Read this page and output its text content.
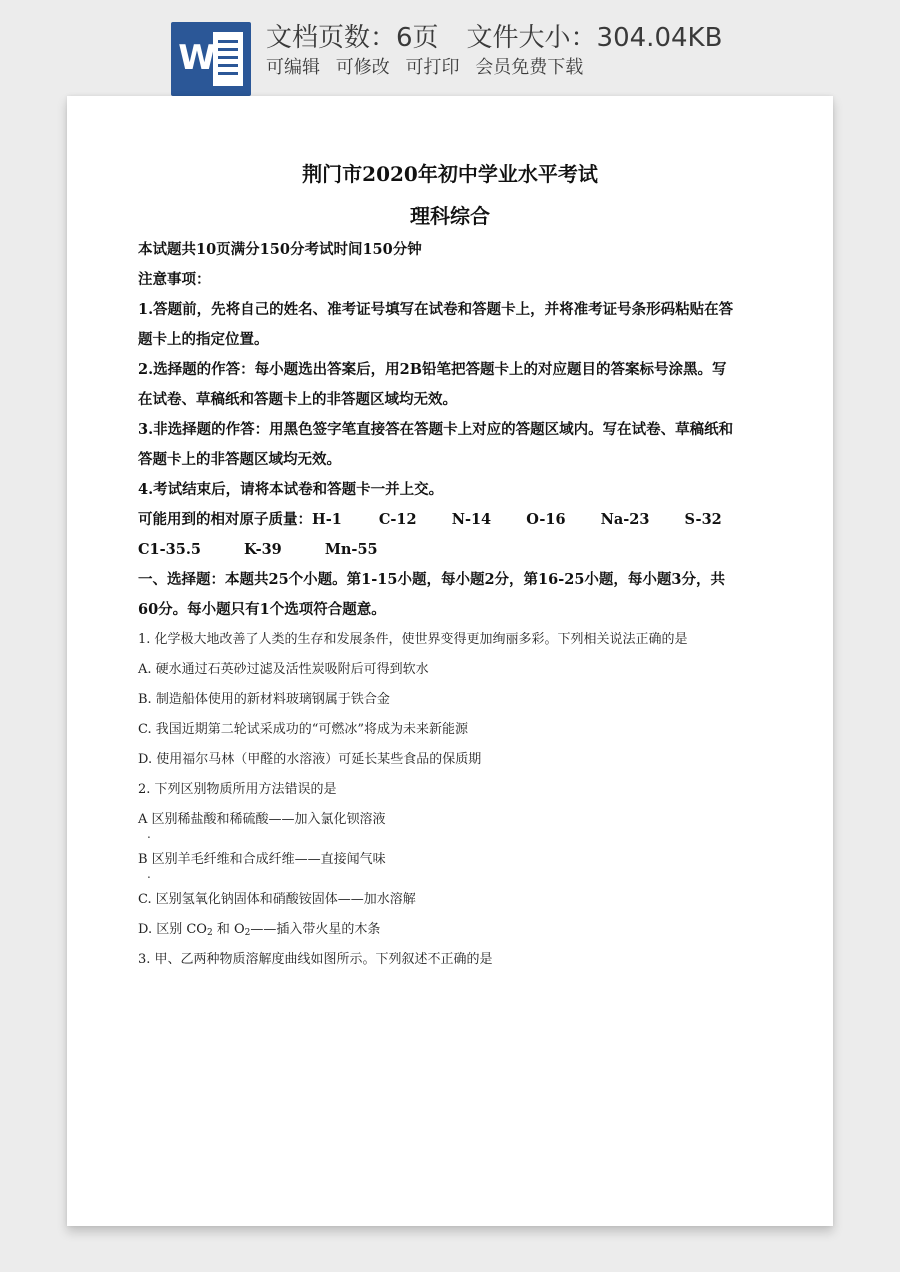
W 文档页数：6页 文件大小：304.04KB
可编辑 可修改 可打印 会员免费下载
荆门市2020年初中学业水平考试
理科综合
本试题共10页满分150分考试时间150分钟
注意事项：
1.答题前，先将自己的姓名、准考证号填写在试卷和答题卡上，并将准考证号条形码粘贴在答
题卡上的指定位置。
2.选择题的作答：每小题选出答案后，用2B铅笔把答题卡上的对应题目的答案标号涂黑。写
在试卷、草稿纸和答题卡上的非答题区域均无效。
3.非选择题的作答：用黑色签字笔直接答在答题卡上对应的答题区域内。写在试卷、草稿纸和
答题卡上的非答题区域均无效。
4.考试结束后，请将本试卷和答题卡一并上交。
可能用到的相对原子质量：H-1	C-12 N-14 O-16 Na-23 S-32
C1-35.5	K-39	Mn-55
一、选择题：本题共25个小题。第1-15小题，每小题2分，第16-25小题，每小题3分，共
60分。每小题只有1个选项符合题意。
1. 化学极大地改善了人类的生存和发展条件，使世界变得更加绚丽多彩。下列相关说法正确的是
A. 硬水通过石英砂过滤及活性炭吸附后可得到软水
B. 制造船体使用的新材料玻璃钢属于铁合金
C. 我国近期第二轮试采成功的“可燃冰”将成为未来新能源
D. 使用福尔马林（甲醛的水溶液）可延长某些食品的保质期
2. 下列区别物质所用方法错误的是
A 区别稀盐酸和稀硫酸——加入氯化钡溶液
.
B 区别羊毛纤维和合成纤维——直接闻气味
.
C. 区别氢氧化钠固体和硝酸铵固体——加水溶解
D. 区别 $CO_2$ 和 $O_2——$插入带火星的木条
3. 甲、乙两种物质溶解度曲线如图所示。下列叙述不正确的是
